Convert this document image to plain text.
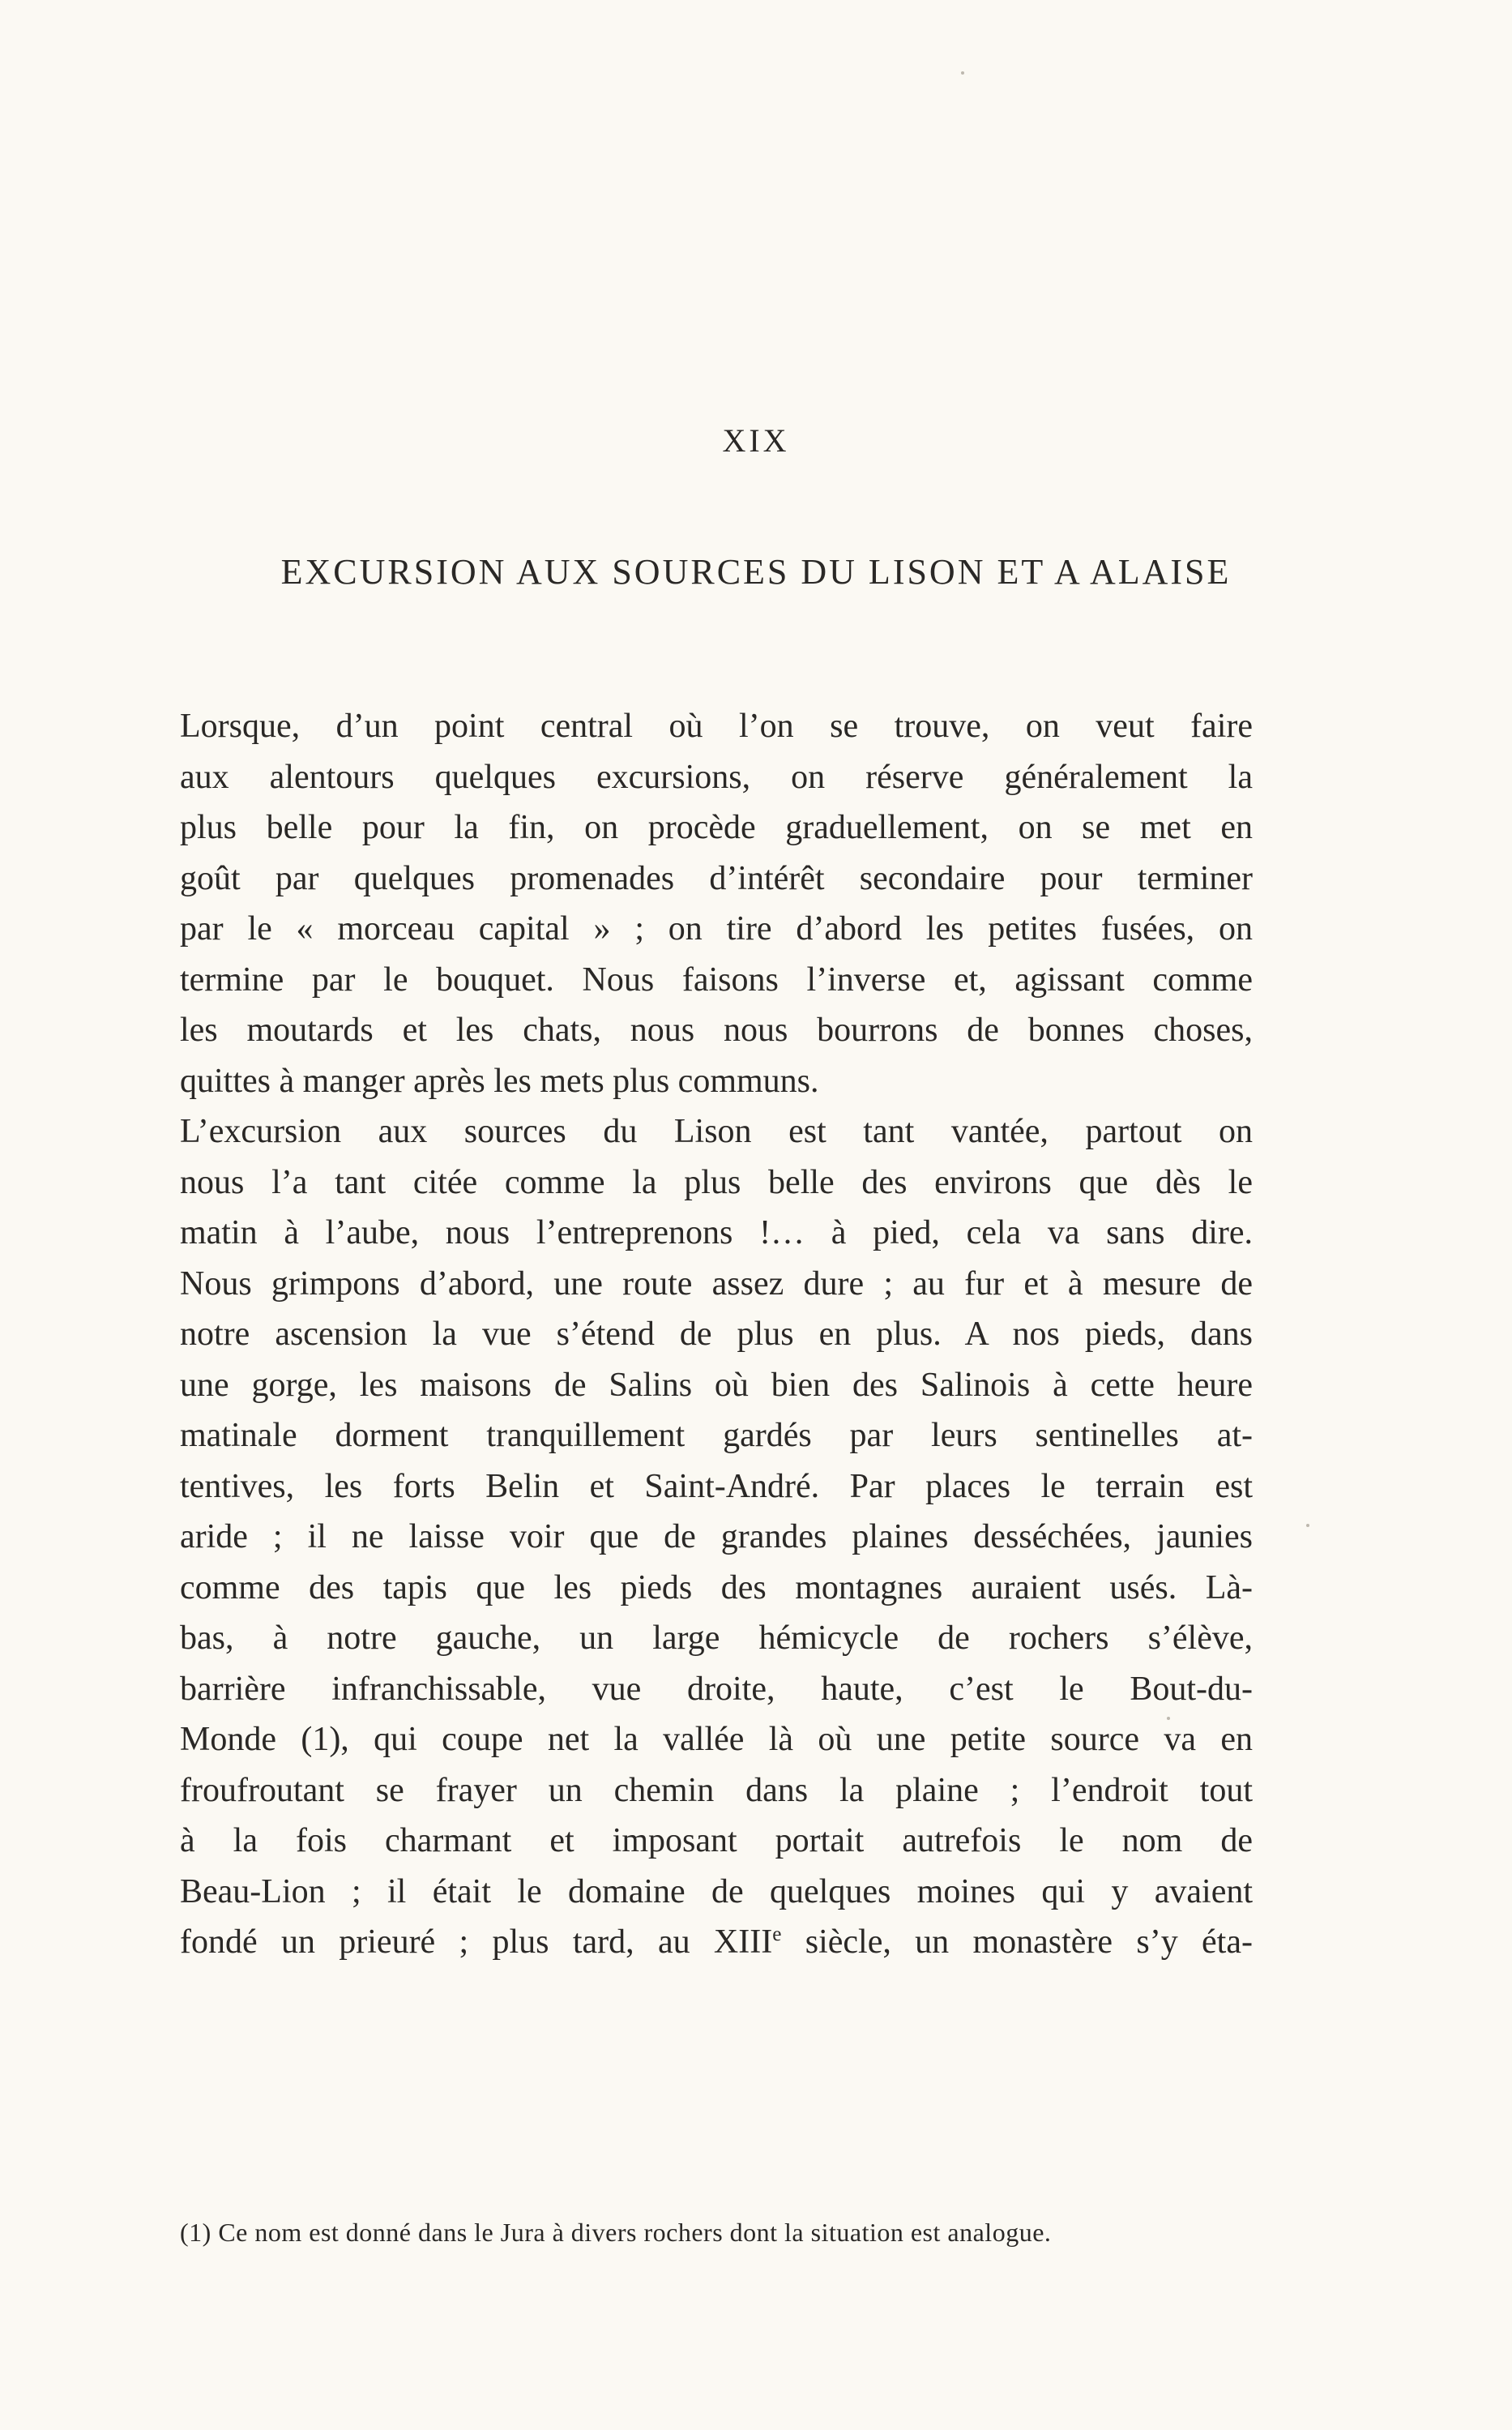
XIX
EXCURSION AUX SOURCES DU LISON ET A ALAISE
Lorsque, d’un point central où l’on se trouve, on veut faire
aux alentours quelques excursions, on réserve généralement la
plus belle pour la fin, on procède graduellement, on se met en
goût par quelques promenades d’intérêt secondaire pour terminer
par le « morceau capital » ; on tire d’abord les petites fusées, on
termine par le bouquet. Nous faisons l’inverse et, agissant comme
les moutards et les chats, nous nous bourrons de bonnes choses,
quittes à manger après les mets plus communs.
L’excursion aux sources du Lison est tant vantée, partout on
nous l’a tant citée comme la plus belle des environs que dès le
matin à l’aube, nous l’entreprenons !… à pied, cela va sans dire.
Nous grimpons d’abord, une route assez dure ; au fur et à mesure de
notre ascension la vue s’étend de plus en plus. A nos pieds, dans
une gorge, les maisons de Salins où bien des Salinois à cette heure
matinale dorment tranquillement gardés par leurs sentinelles at-
tentives, les forts Belin et Saint-André. Par places le terrain est
aride ; il ne laisse voir que de grandes plaines desséchées, jaunies
comme des tapis que les pieds des montagnes auraient usés. Là-
bas, à notre gauche, un large hémicycle de rochers s’élève,
barrière infranchissable, vue droite, haute, c’est le Bout-du-
Monde (1), qui coupe net la vallée là où une petite source va en
froufroutant se frayer un chemin dans la plaine ; l’endroit tout
à la fois charmant et imposant portait autrefois le nom de
Beau-Lion ; il était le domaine de quelques moines qui y avaient
fondé un prieuré ; plus tard, au XIIIe siècle, un monastère s’y éta-
(1) Ce nom est donné dans le Jura à divers rochers dont la situation est analogue.
